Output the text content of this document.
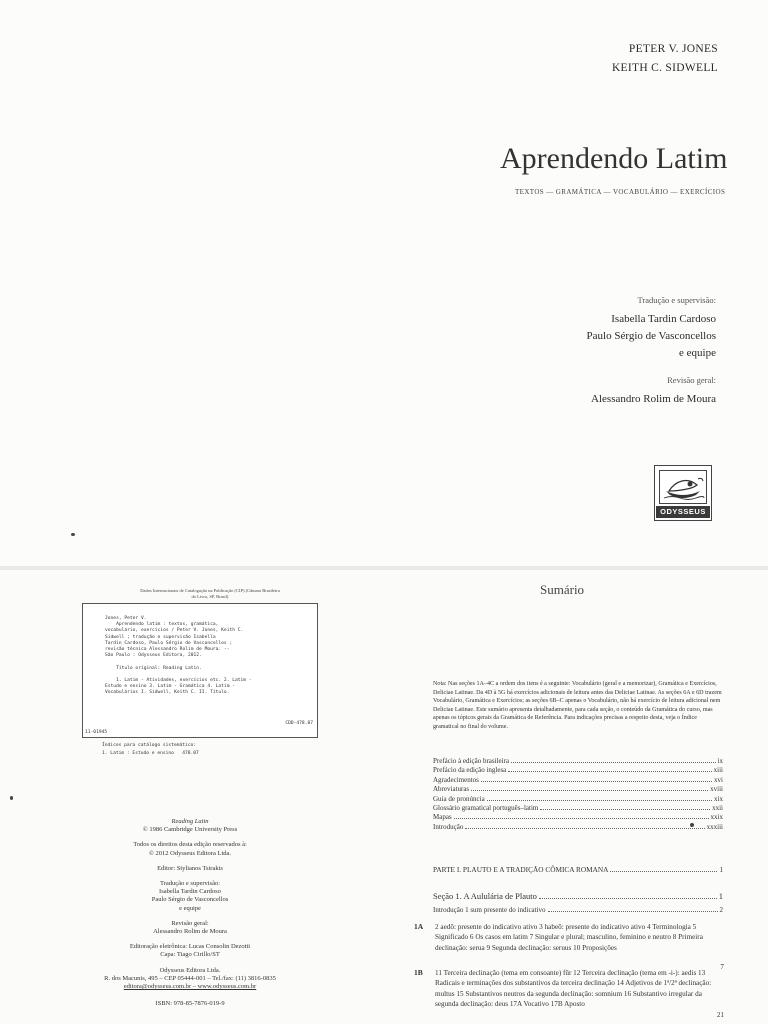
PETER V. JONES
KEITH C. SIDWELL
Aprendendo Latim
TEXTOS — GRAMÁTICA — VOCABULÁRIO — EXERCÍCIOS
Tradução e supervisão:
Isabella Tardin Cardoso
Paulo Sérgio de Vasconcellos
e equipe
Revisão geral:
Alessandro Rolim de Moura
ODYSSEUS
Dados Internacionais de Catalogação na Publicação (CIP) (Câmara Brasileira do Livro, SP, Brasil)
Jones, Peter V.
Aprendendo latim : textos, gramática,
vocabulário, exercícios / Peter V. Jones, Keith C.
Sidwell ; tradução e supervisão Isabella
Tardin Cardoso, Paulo Sérgio de Vasconcellos ;
revisão técnica Alessandro Rolim de Moura. --
São Paulo : Odysseus Editora, 2012.

Título original: Reading Latin.

1. Latim - Atividades, exercícios etc. 2. Latim -
Estudo e ensino 3. Latim - Gramática 4. Latim -
Vocabulários I. Sidwell, Keith C. II. Título.
11-01945
CDD-478.07
Índices para catálogo sistemático:
1. Latim : Estudo e ensino   478.07
Reading Latin
© 1986 Cambridge University Press
Todos os direitos desta edição reservados à:
© 2012 Odysseus Editora Ltda.
Editor: Stylianos Tsirakis
Tradução e supervisão:
Isabella Tardin Cardoso
Paulo Sérgio de Vasconcellos
e equipe
Revisão geral:
Alessandro Rolim de Moura
Editoração eletrônica: Lucas Consolin Dezotti
Capa: Tiago Cirillo/ST
Odysseus Editora Ltda.
R. dos Macunis, 495 – CEP 05444-001 – Tel./fax: (11) 3816-0835
editora@odysseus.com.br – www.odysseus.com.br
ISBN: 978-85-7876-019-9
Sumário
Nota: Nas seções 1A–4C a ordem dos itens é a seguinte: Vocabulário (geral e a memorizar), Gramática e Exercícios, Deliciae Latinae. Da 4D à 5G há exercícios adicionais de leitura antes das Deliciae Latinae. As seções 6A e 6D trazem Vocabulário, Gramática e Exercícios; as seções 6B–C apenas o Vocabulário, não há exercício de leitura adicional nem Deliciae Latinae. Este sumário apresenta detalhadamente, para cada seção, o conteúdo da Gramática do curso, mas apenas os tópicos gerais da Gramática de Referência. Para indicações precisas a respeito desta, veja o Índice gramatical no final do volume.
Prefácio à edição brasileira	ix
Prefácio da edição inglesa	xiii
Agradecimentos	xvi
Abreviaturas	xviii
Guia de pronúncia	xix
Glossário gramatical português–latim	xxii
Mapas	xxix
Introdução	xxxiii
PARTE I. PLAUTO E A TRADIÇÃO CÔMICA ROMANA	1
Seção 1. A Aululária de Plauto	1
Introdução 1 sum presente do indicativo	2
1A 2 aedō: presente do indicativo ativo 3 habeō: presente do indicativo ativo 4 Terminologia 5 Significado 6 Os casos em latim 7 Singular e plural; masculino, feminino e neutro 8 Primeira declinação: serua 9 Segunda declinação: seruus 10 Proposições
7
1B 11 Terceira declinação (tema em consoante) fūr 12 Terceira declinação (tema em -i-): aedis 13 Radicais e terminações dos substantivos da terceira declinação 14 Adjetivos de 1ª/2ª declinação: multus 15 Substantivos neutros da segunda declinação: somnium 16 Substantivo irregular da segunda declinação: deus 17A Vocativo 17B Aposto
21
